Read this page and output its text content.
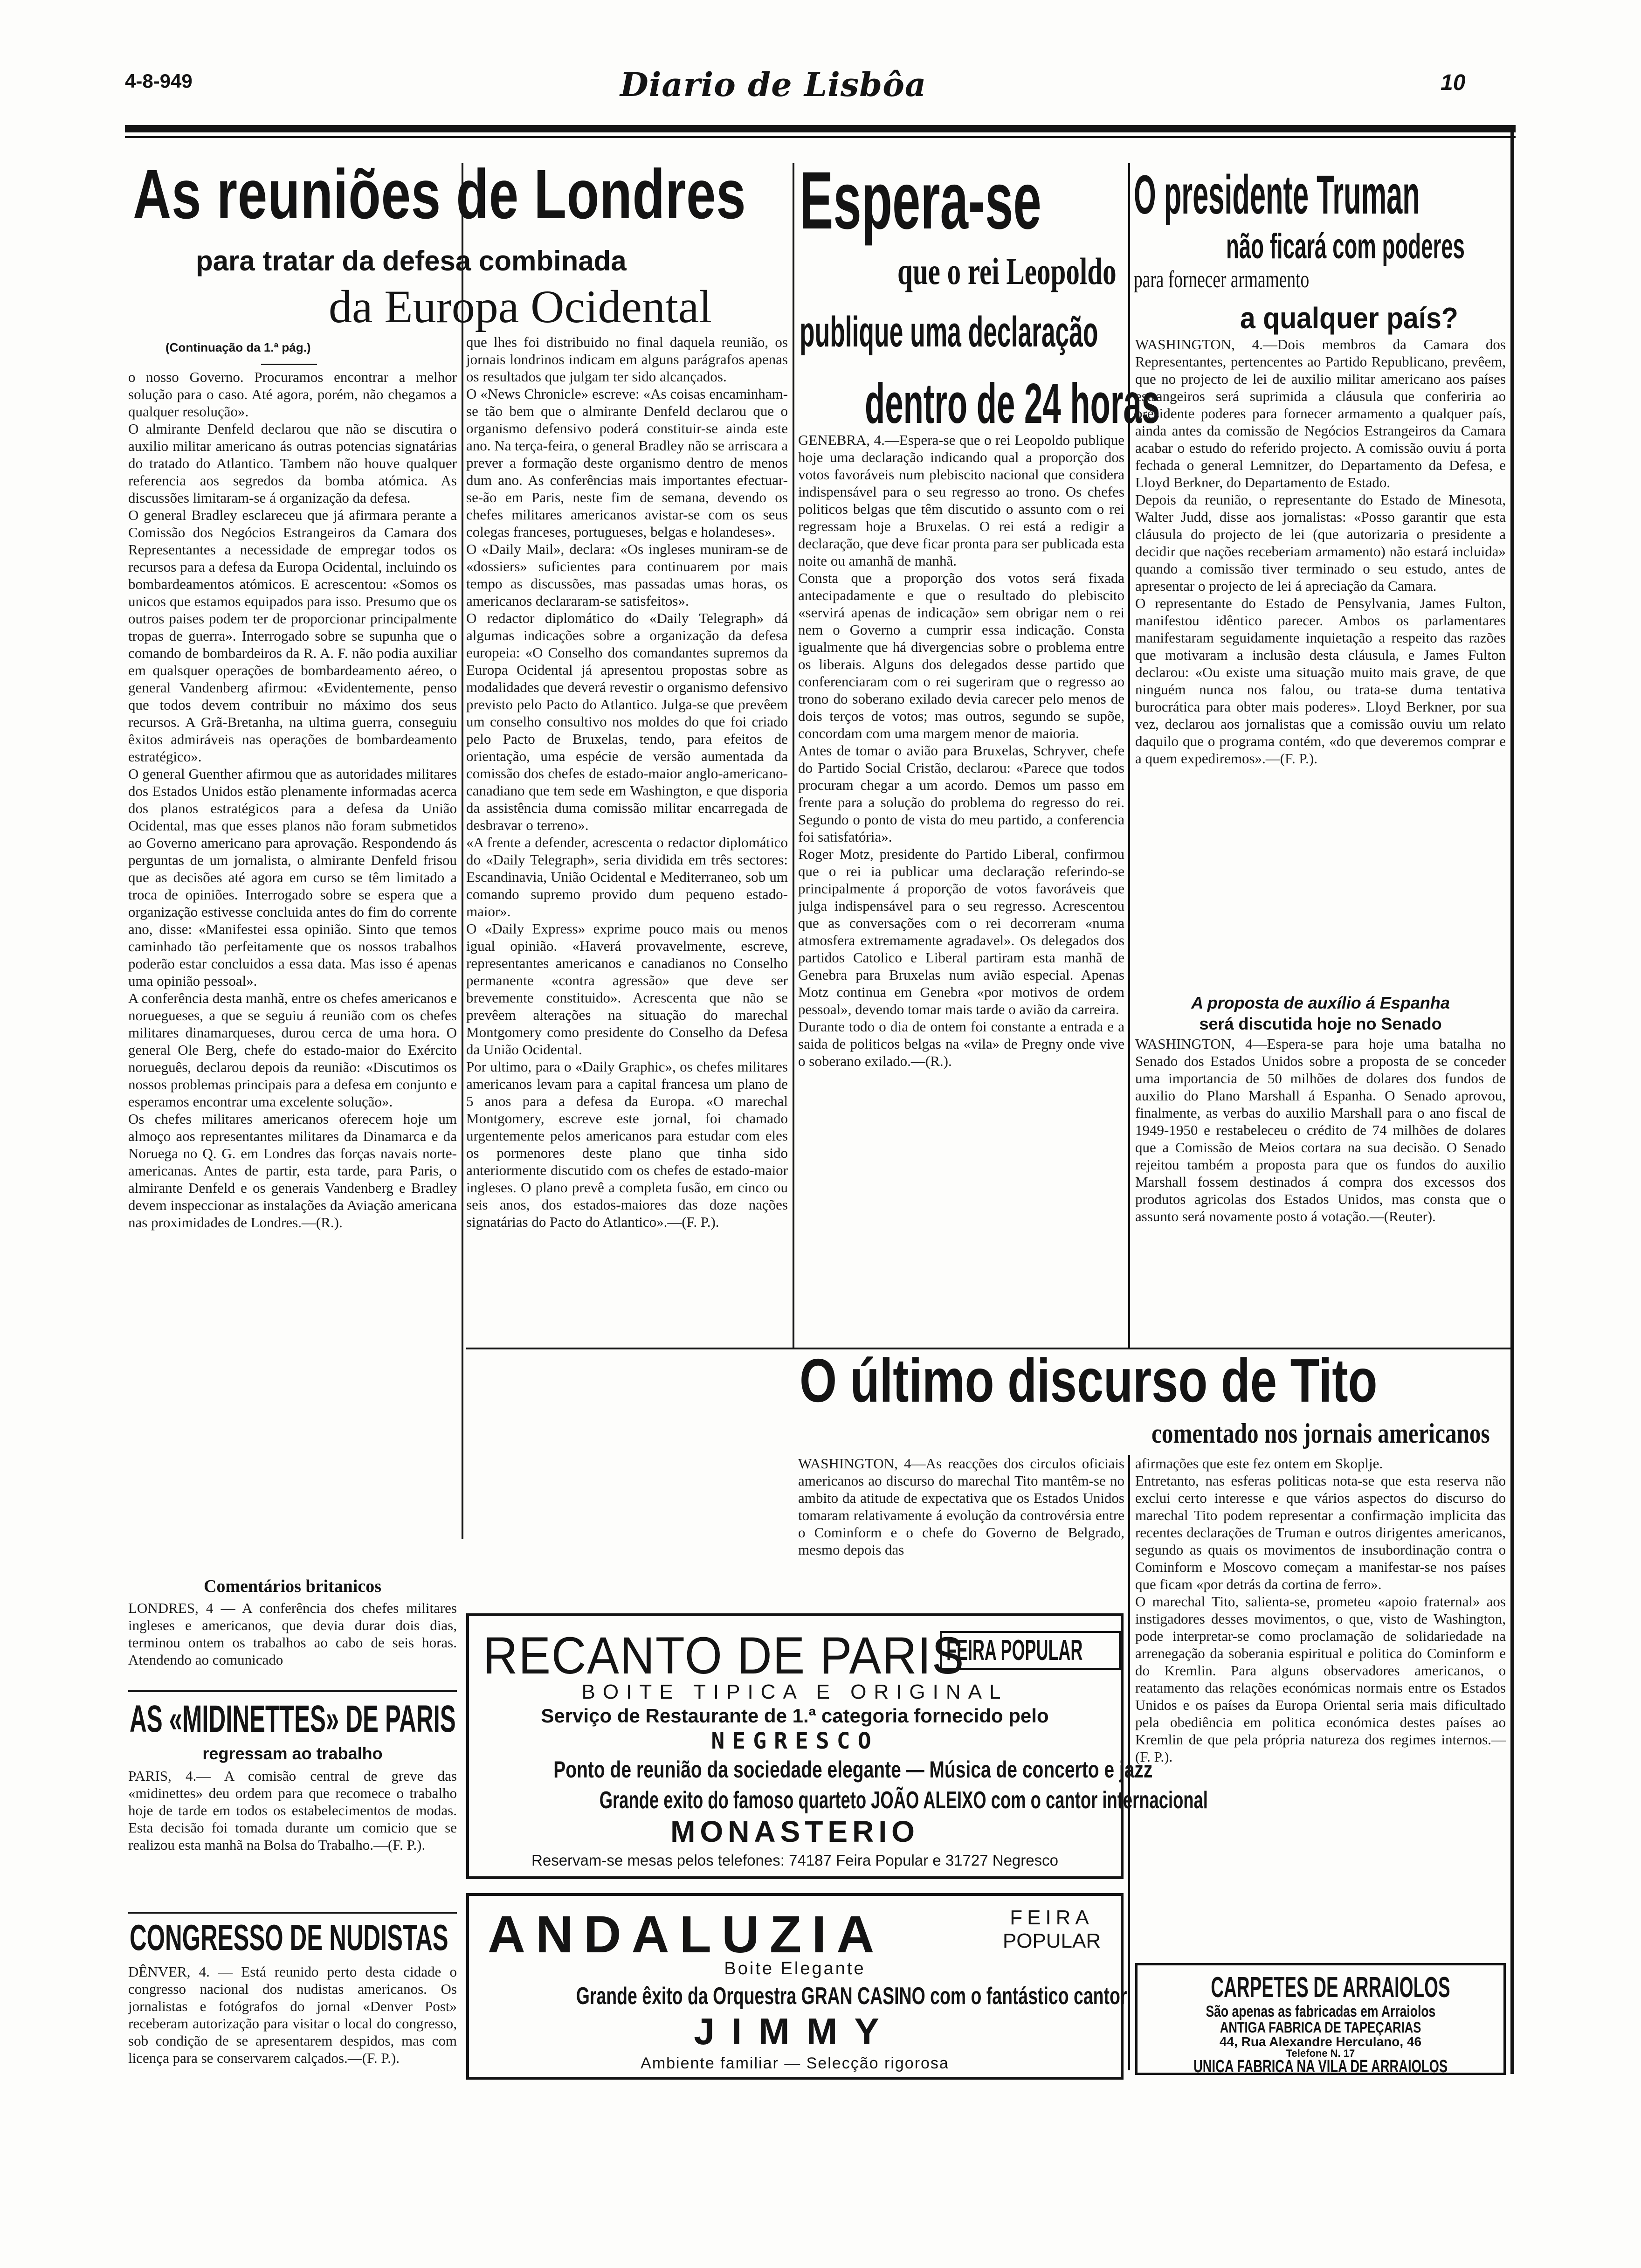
4-8-949	Diario de Lisbôa	10
As reuniões de Londres
para tratar da defesa combinada
da Europa Ocidental
(Continuação da 1.ª pág.)
o nosso Governo. Procuramos encontrar a melhor solução para o caso. Até agora, porém, não chegamos a qualquer resolução».
O almirante Denfeld declarou que não se discutira o auxilio militar americano ás outras potencias signatárias do tratado do Atlantico. Tambem não houve qualquer referencia aos segredos da bomba atómica. As discussões limitaram-se á organização da defesa.
O general Bradley esclareceu que já afirmara perante a Comissão dos Negócios Estrangeiros da Camara dos Representantes a necessidade de empregar todos os recursos para a defesa da Europa Ocidental, incluindo os bombardeamentos atómicos. E acrescentou: «Somos os unicos que estamos equipados para isso. Presumo que os outros paises podem ter de proporcionar principalmente tropas de guerra». Interrogado sobre se supunha que o comando de bombardeiros da R. A. F. não podia auxiliar em qualsquer operações de bombardeamento aéreo, o general Vandenberg afirmou: «Evidentemente, penso que todos devem contribuir no máximo dos seus recursos. A Grã-Bretanha, na ultima guerra, conseguiu êxitos admiráveis nas operações de bombardeamento estratégico».
O general Guenther afirmou que as autoridades militares dos Estados Unidos estão plenamente informadas acerca dos planos estratégicos para a defesa da União Ocidental, mas que esses planos não foram submetidos ao Governo americano para aprovação. Respondendo ás perguntas de um jornalista, o almirante Denfeld frisou que as decisões até agora em curso se têm limitado a troca de opiniões. Interrogado sobre se espera que a organização estivesse concluida antes do fim do corrente ano, disse: «Manifestei essa opinião. Sinto que temos caminhado tão perfeitamente que os nossos trabalhos poderão estar concluidos a essa data. Mas isso é apenas uma opinião pessoal».
A conferência desta manhã, entre os chefes americanos e noruegueses, a que se seguiu á reunião com os chefes militares dinamarqueses, durou cerca de uma hora. O general Ole Berg, chefe do estado-maior do Exército norueguês, declarou depois da reunião: «Discutimos os nossos problemas principais para a defesa em conjunto e esperamos encontrar uma excelente solução».
Os chefes militares americanos oferecem hoje um almoço aos representantes militares da Dinamarca e da Noruega no Q. G. em Londres das forças navais norte-americanas. Antes de partir, esta tarde, para Paris, o almirante Denfeld e os generais Vandenberg e Bradley devem inspeccionar as instalações da Aviação americana nas proximidades de Londres.—(R.).
Comentários britanicos
LONDRES, 4 — A conferência dos chefes militares ingleses e americanos, que devia durar dois dias, terminou ontem os trabalhos ao cabo de seis horas. Atendendo ao comunicado
que lhes foi distribuido no final daquela reunião, os jornais londrinos indicam em alguns parágrafos apenas os resultados que julgam ter sido alcançados.
O «News Chronicle» escreve: «As coisas encaminham-se tão bem que o almirante Denfeld declarou que o organismo defensivo poderá constituir-se ainda este ano. Na terça-feira, o general Bradley não se arriscara a prever a formação deste organismo dentro de menos dum ano. As conferências mais importantes efectuar-se-ão em Paris, neste fim de semana, devendo os chefes militares americanos avistar-se com os seus colegas franceses, portugueses, belgas e holandeses».
O «Daily Mail», declara: «Os ingleses muniram-se de «dossiers» suficientes para continuarem por mais tempo as discussões, mas passadas umas horas, os americanos declararam-se satisfeitos».
O redactor diplomático do «Daily Telegraph» dá algumas indicações sobre a organização da defesa europeia: «O Conselho dos comandantes supremos da Europa Ocidental já apresentou propostas sobre as modalidades que deverá revestir o organismo defensivo previsto pelo Pacto do Atlantico. Julga-se que prevêem um conselho consultivo nos moldes do que foi criado pelo Pacto de Bruxelas, tendo, para efeitos de orientação, uma espécie de versão aumentada da comissão dos chefes de estado-maior anglo-americano-canadiano que tem sede em Washington, e que disporia da assistência duma comissão militar encarregada de desbravar o terreno».
«A frente a defender, acrescenta o redactor diplomático do «Daily Telegraph», seria dividida em três sectores: Escandinavia, União Ocidental e Mediterraneo, sob um comando supremo provido dum pequeno estado-maior».
O «Daily Express» exprime pouco mais ou menos igual opinião. «Haverá provavelmente, escreve, representantes americanos e canadianos no Conselho permanente «contra agressão» que deve ser brevemente constituido». Acrescenta que não se prevêem alterações na situação do marechal Montgomery como presidente do Conselho da Defesa da União Ocidental.
Por ultimo, para o «Daily Graphic», os chefes militares americanos levam para a capital francesa um plano de 5 anos para a defesa da Europa. «O marechal Montgomery, escreve este jornal, foi chamado urgentemente pelos americanos para estudar com eles os pormenores deste plano que tinha sido anteriormente discutido com os chefes de estado-maior ingleses. O plano prevê a completa fusão, em cinco ou seis anos, dos estados-maiores das doze nações signatárias do Pacto do Atlantico».—(F. P.).
AS «MIDINETTES» DE PARIS
regressam ao trabalho
PARIS, 4.— A comisão central de greve das «midinettes» deu ordem para que recomece o trabalho hoje de tarde em todos os estabelecimentos de modas. Esta decisão foi tomada durante um comicio que se realizou esta manhã na Bolsa do Trabalho.—(F. P.).
CONGRESSO DE NUDISTAS
DÊNVER, 4. — Está reunido perto desta cidade o congresso nacional dos nudistas americanos. Os jornalistas e fotógrafos do jornal «Denver Post» receberam autorização para visitar o local do congresso, sob condição de se apresentarem despidos, mas com licença para se conservarem calçados.—(F. P.).
Espera-se
que o rei Leopoldo
publique uma declaração
dentro de 24 horas
GENEBRA, 4.—Espera-se que o rei Leopoldo publique hoje uma declaração indicando qual a proporção dos votos favoráveis num plebiscito nacional que considera indispensável para o seu regresso ao trono. Os chefes politicos belgas que têm discutido o assunto com o rei regressam hoje a Bruxelas. O rei está a redigir a declaração, que deve ficar pronta para ser publicada esta noite ou amanhã de manhã.
Consta que a proporção dos votos será fixada antecipadamente e que o resultado do plebiscito «servirá apenas de indicação» sem obrigar nem o rei nem o Governo a cumprir essa indicação. Consta igualmente que há divergencias sobre o problema entre os liberais. Alguns dos delegados desse partido que conferenciaram com o rei sugeriram que o regresso ao trono do soberano exilado devia carecer pelo menos de dois terços de votos; mas outros, segundo se supõe, concordam com uma margem menor de maioria.
Antes de tomar o avião para Bruxelas, Schryver, chefe do Partido Social Cristão, declarou: «Parece que todos procuram chegar a um acordo. Demos um passo em frente para a solução do problema do regresso do rei. Segundo o ponto de vista do meu partido, a conferencia foi satisfatória».
Roger Motz, presidente do Partido Liberal, confirmou que o rei ia publicar uma declaração referindo-se principalmente á proporção de votos favoráveis que julga indispensável para o seu regresso. Acrescentou que as conversações com o rei decorreram «numa atmosfera extremamente agradavel». Os delegados dos partidos Catolico e Liberal partiram esta manhã de Genebra para Bruxelas num avião especial. Apenas Motz continua em Genebra «por motivos de ordem pessoal», devendo tomar mais tarde o avião da carreira.
Durante todo o dia de ontem foi constante a entrada e a saida de politicos belgas na «vila» de Pregny onde vive o soberano exilado.—(R.).
O presidente Truman
não ficará com poderes
para fornecer armamento
a qualquer país?
WASHINGTON, 4.—Dois membros da Camara dos Representantes, pertencentes ao Partido Republicano, prevêem, que no projecto de lei de auxilio militar americano aos países estrangeiros será suprimida a cláusula que conferiria ao presidente poderes para fornecer armamento a qualquer país, ainda antes da comissão de Negócios Estrangeiros da Camara acabar o estudo do referido projecto. A comissão ouviu á porta fechada o general Lemnitzer, do Departamento da Defesa, e Lloyd Berkner, do Departamento de Estado.
Depois da reunião, o representante do Estado de Minesota, Walter Judd, disse aos jornalistas: «Posso garantir que esta cláusula do projecto de lei (que autorizaria o presidente a decidir que nações receberiam armamento) não estará incluida» quando a comissão tiver terminado o seu estudo, antes de apresentar o projecto de lei á apreciação da Camara.
O representante do Estado de Pensylvania, James Fulton, manifestou idêntico parecer. Ambos os parlamentares manifestaram seguidamente inquietação a respeito das razões que motivaram a inclusão desta cláusula, e James Fulton declarou: «Ou existe uma situação muito mais grave, de que ninguém nunca nos falou, ou trata-se duma tentativa burocrática para obter mais poderes». Lloyd Berkner, por sua vez, declarou aos jornalistas que a comissão ouviu um relato daquilo que o programa contém, «do que deveremos comprar e a quem expediremos».—(F. P.).
A proposta de auxílio á Espanha
será discutida hoje no Senado
WASHINGTON, 4—Espera-se para hoje uma batalha no Senado dos Estados Unidos sobre a proposta de se conceder uma importancia de 50 milhões de dolares dos fundos de auxilio do Plano Marshall á Espanha. O Senado aprovou, finalmente, as verbas do auxilio Marshall para o ano fiscal de 1949-1950 e restabeleceu o crédito de 74 milhões de dolares que a Comissão de Meios cortara na sua decisão. O Senado rejeitou também a proposta para que os fundos do auxilio Marshall fossem destinados á compra dos excessos dos produtos agricolas dos Estados Unidos, mas consta que o assunto será novamente posto á votação.—(Reuter).
O último discurso de Tito
comentado nos jornais americanos
WASHINGTON, 4—As reacções dos circulos oficiais americanos ao discurso do marechal Tito mantêm-se no ambito da atitude de expectativa que os Estados Unidos tomaram relativamente á evolução da controvérsia entre o Cominform e o chefe do Governo de Belgrado, mesmo depois das
afirmações que este fez ontem em Skoplje.
Entretanto, nas esferas politicas nota-se que esta reserva não exclui certo interesse e que vários aspectos do discurso do marechal Tito podem representar a confirmação implicita das recentes declarações de Truman e outros dirigentes americanos, segundo as quais os movimentos de insubordinação contra o Cominform e Moscovo começam a manifestar-se nos países que ficam «por detrás da cortina de ferro».
O marechal Tito, salienta-se, prometeu «apoio fraternal» aos instigadores desses movimentos, o que, visto de Washington, pode interpretar-se como proclamação de solidariedade na arrenegação da soberania espiritual e politica do Cominform e do Kremlin. Para alguns observadores americanos, o reatamento das relações económicas normais entre os Estados Unidos e os países da Europa Oriental seria mais dificultado pela obediência em politica económica destes países ao Kremlin de que pela própria natureza dos regimes internos.—(F. P.).
RECANTO DE PARIS
FEIRA POPULAR
BOITE TIPICA E ORIGINAL
Serviço de Restaurante de 1.ª categoria fornecido pelo
NEGRESCO
Ponto de reunião da sociedade elegante — Música de concerto e jazz
Grande exito do famoso quarteto JOÃO ALEIXO com o cantor internacional
MONASTERIO
Reservam-se mesas pelos telefones: 74187 Feira Popular e 31727 Negresco
ANDALUZIA	FEIRA
POPULAR
Boite Elegante
Grande êxito da Orquestra GRAN CASINO com o fantástico cantor
JIMMY
Ambiente familiar — Selecção rigorosa
CARPETES DE ARRAIOLOS
São apenas as fabricadas em Arraiolos
ANTIGA FABRICA DE TAPEÇARIAS
44, Rua Alexandre Herculano, 46
Telefone N. 17
UNICA FABRICA NA VILA DE ARRAIOLOS
